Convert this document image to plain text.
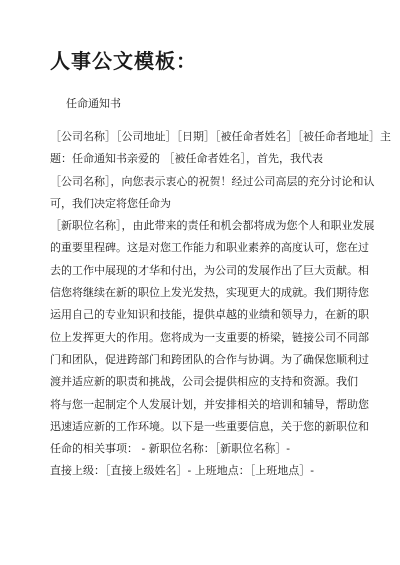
人事公文模板：

任命通知书

［公司名称］［公司地址］［日期］［被任命者姓名］［被任命者地址］主
题：任命通知书亲爱的 ［被任命者姓名］，首先，我代表
［公司名称］，向您表示衷心的祝贺！经过公司高层的充分讨论和认
可，我们决定将您任命为
［新职位名称］，由此带来的责任和机会都将成为您个人和职业发展
的重要里程碑。这是对您工作能力和职业素养的高度认可，您在过
去的工作中展现的才华和付出，为公司的发展作出了巨大贡献。相
信您将继续在新的职位上发光发热，实现更大的成就。我们期待您
运用自己的专业知识和技能，提供卓越的业绩和领导力，在新的职
位上发挥更大的作用。您将成为一支重要的桥梁，链接公司不同部
门和团队，促进跨部门和跨团队的合作与协调。为了确保您顺利过
渡并适应新的职责和挑战，公司会提供相应的支持和资源。我们
将与您一起制定个人发展计划，并安排相关的培训和辅导，帮助您
迅速适应新的工作环境。以下是一些重要信息，关于您的新职位和
任命的相关事项： - 新职位名称：［新职位名称］-
直接上级：［直接上级姓名］- 上班地点：［上班地点］-
